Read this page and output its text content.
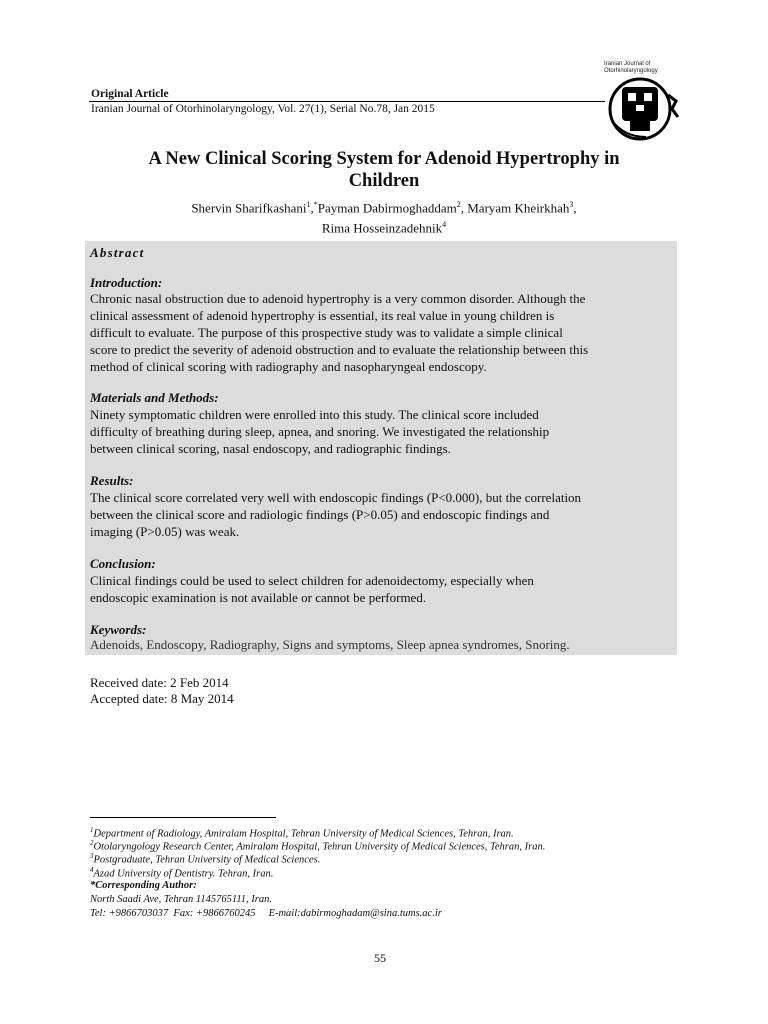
Iranian Journal of Otorhinolaryngology
Original Article
Iranian Journal of Otorhinolaryngology, Vol. 27(1), Serial No.78, Jan 2015
A New Clinical Scoring System for Adenoid Hypertrophy in
Children
Shervin Sharifkashani$^1$,*Payman Dabirmoghaddam$^2$, Maryam Kheirkhah$^3$,
Rima Hosseinzadehnik$^4$
Abstract
Introduction:
Chronic nasal obstruction due to adenoid hypertrophy is a very common disorder. Although the
clinical assessment of adenoid hypertrophy is essential, its real value in young children is
difficult to evaluate. The purpose of this prospective study was to validate a simple clinical
score to predict the severity of adenoid obstruction and to evaluate the relationship between this
method of clinical scoring with radiography and nasopharyngeal endoscopy.
Materials and Methods:
Ninety symptomatic children were enrolled into this study. The clinical score included
difficulty of breathing during sleep, apnea, and snoring. We investigated the relationship
between clinical scoring, nasal endoscopy, and radiographic findings.
Results:
The clinical score correlated very well with endoscopic findings (P<0.000), but the correlation
between the clinical score and radiologic findings (P>0.05) and endoscopic findings and
imaging (P>0.05) was weak.
Conclusion:
Clinical findings could be used to select children for adenoidectomy, especially when
endoscopic examination is not available or cannot be performed.
Keywords:
Adenoids, Endoscopy, Radiography, Signs and symptoms, Sleep apnea syndromes, Snoring.
Received date: 2 Feb 2014
Accepted date: 8 May 2014
$^1$Department of Radiology, Amiralam Hospital, Tehran University of Medical Sciences, Tehran, Iran.
$^2$Otolaryngology Research Center, Amiralam Hospital, Tehran University of Medical Sciences, Tehran, Iran.
$^3$Postgraduate, Tehran University of Medical Sciences.
$^4$Azad University of Dentistry. Tehran, Iran.
*Corresponding Author:
North Saadi Ave, Tehran 1145765111, Iran.
Tel: +9866703037  Fax: +9866760245     E-mail:dabirmoghadam@sina.tums.ac.ir
55
